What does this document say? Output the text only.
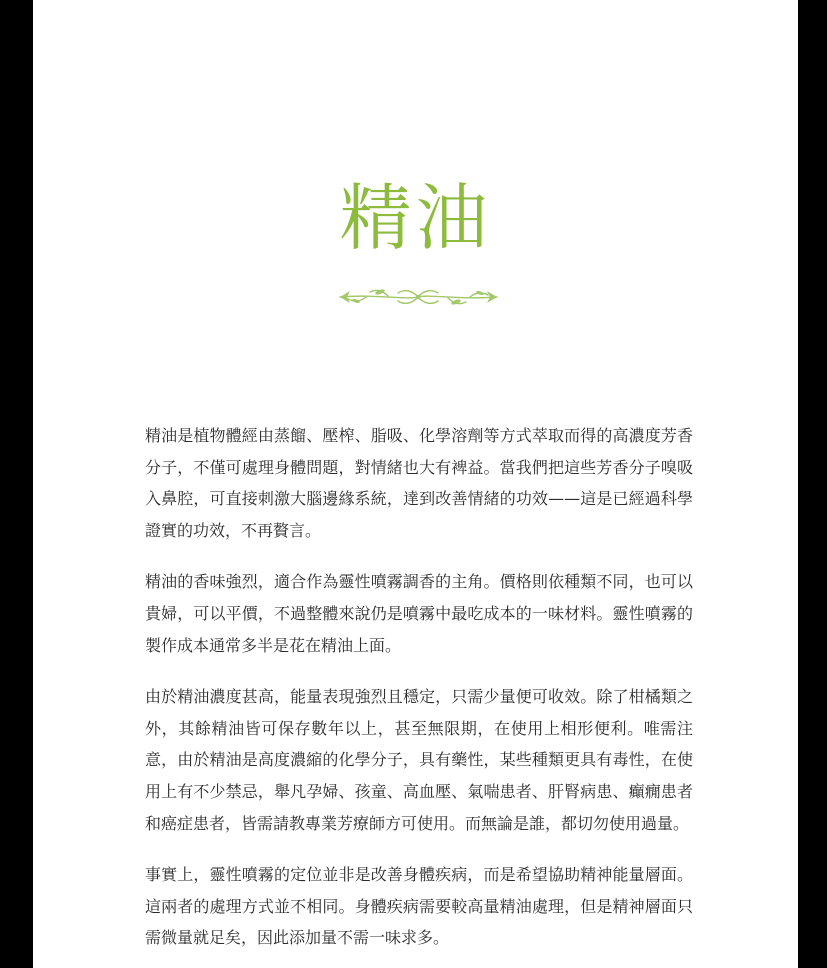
精油

精油是植物體經由蒸餾、壓榨、脂吸、化學溶劑等方式萃取而得的高濃度芳香分子，不僅可處理身體問題，對情緒也大有裨益。當我們把這些芳香分子嗅吸入鼻腔，可直接刺激大腦邊緣系統，達到改善情緒的功效——這是已經過科學證實的功效，不再贅言。

精油的香味強烈，適合作為靈性噴霧調香的主角。價格則依種類不同，也可以貴婦，可以平價，不過整體來說仍是噴霧中最吃成本的一味材料。靈性噴霧的製作成本通常多半是花在精油上面。

由於精油濃度甚高，能量表現強烈且穩定，只需少量便可收效。除了柑橘類之外，其餘精油皆可保存數年以上，甚至無限期，在使用上相形便利。唯需注意，由於精油是高度濃縮的化學分子，具有藥性，某些種類更具有毒性，在使用上有不少禁忌，舉凡孕婦、孩童、高血壓、氣喘患者、肝腎病患、癲癇患者和癌症患者，皆需請教專業芳療師方可使用。而無論是誰，都切勿使用過量。

事實上，靈性噴霧的定位並非是改善身體疾病，而是希望協助精神能量層面。這兩者的處理方式並不相同。身體疾病需要較高量精油處理，但是精神層面只需微量就足矣，因此添加量不需一味求多。
